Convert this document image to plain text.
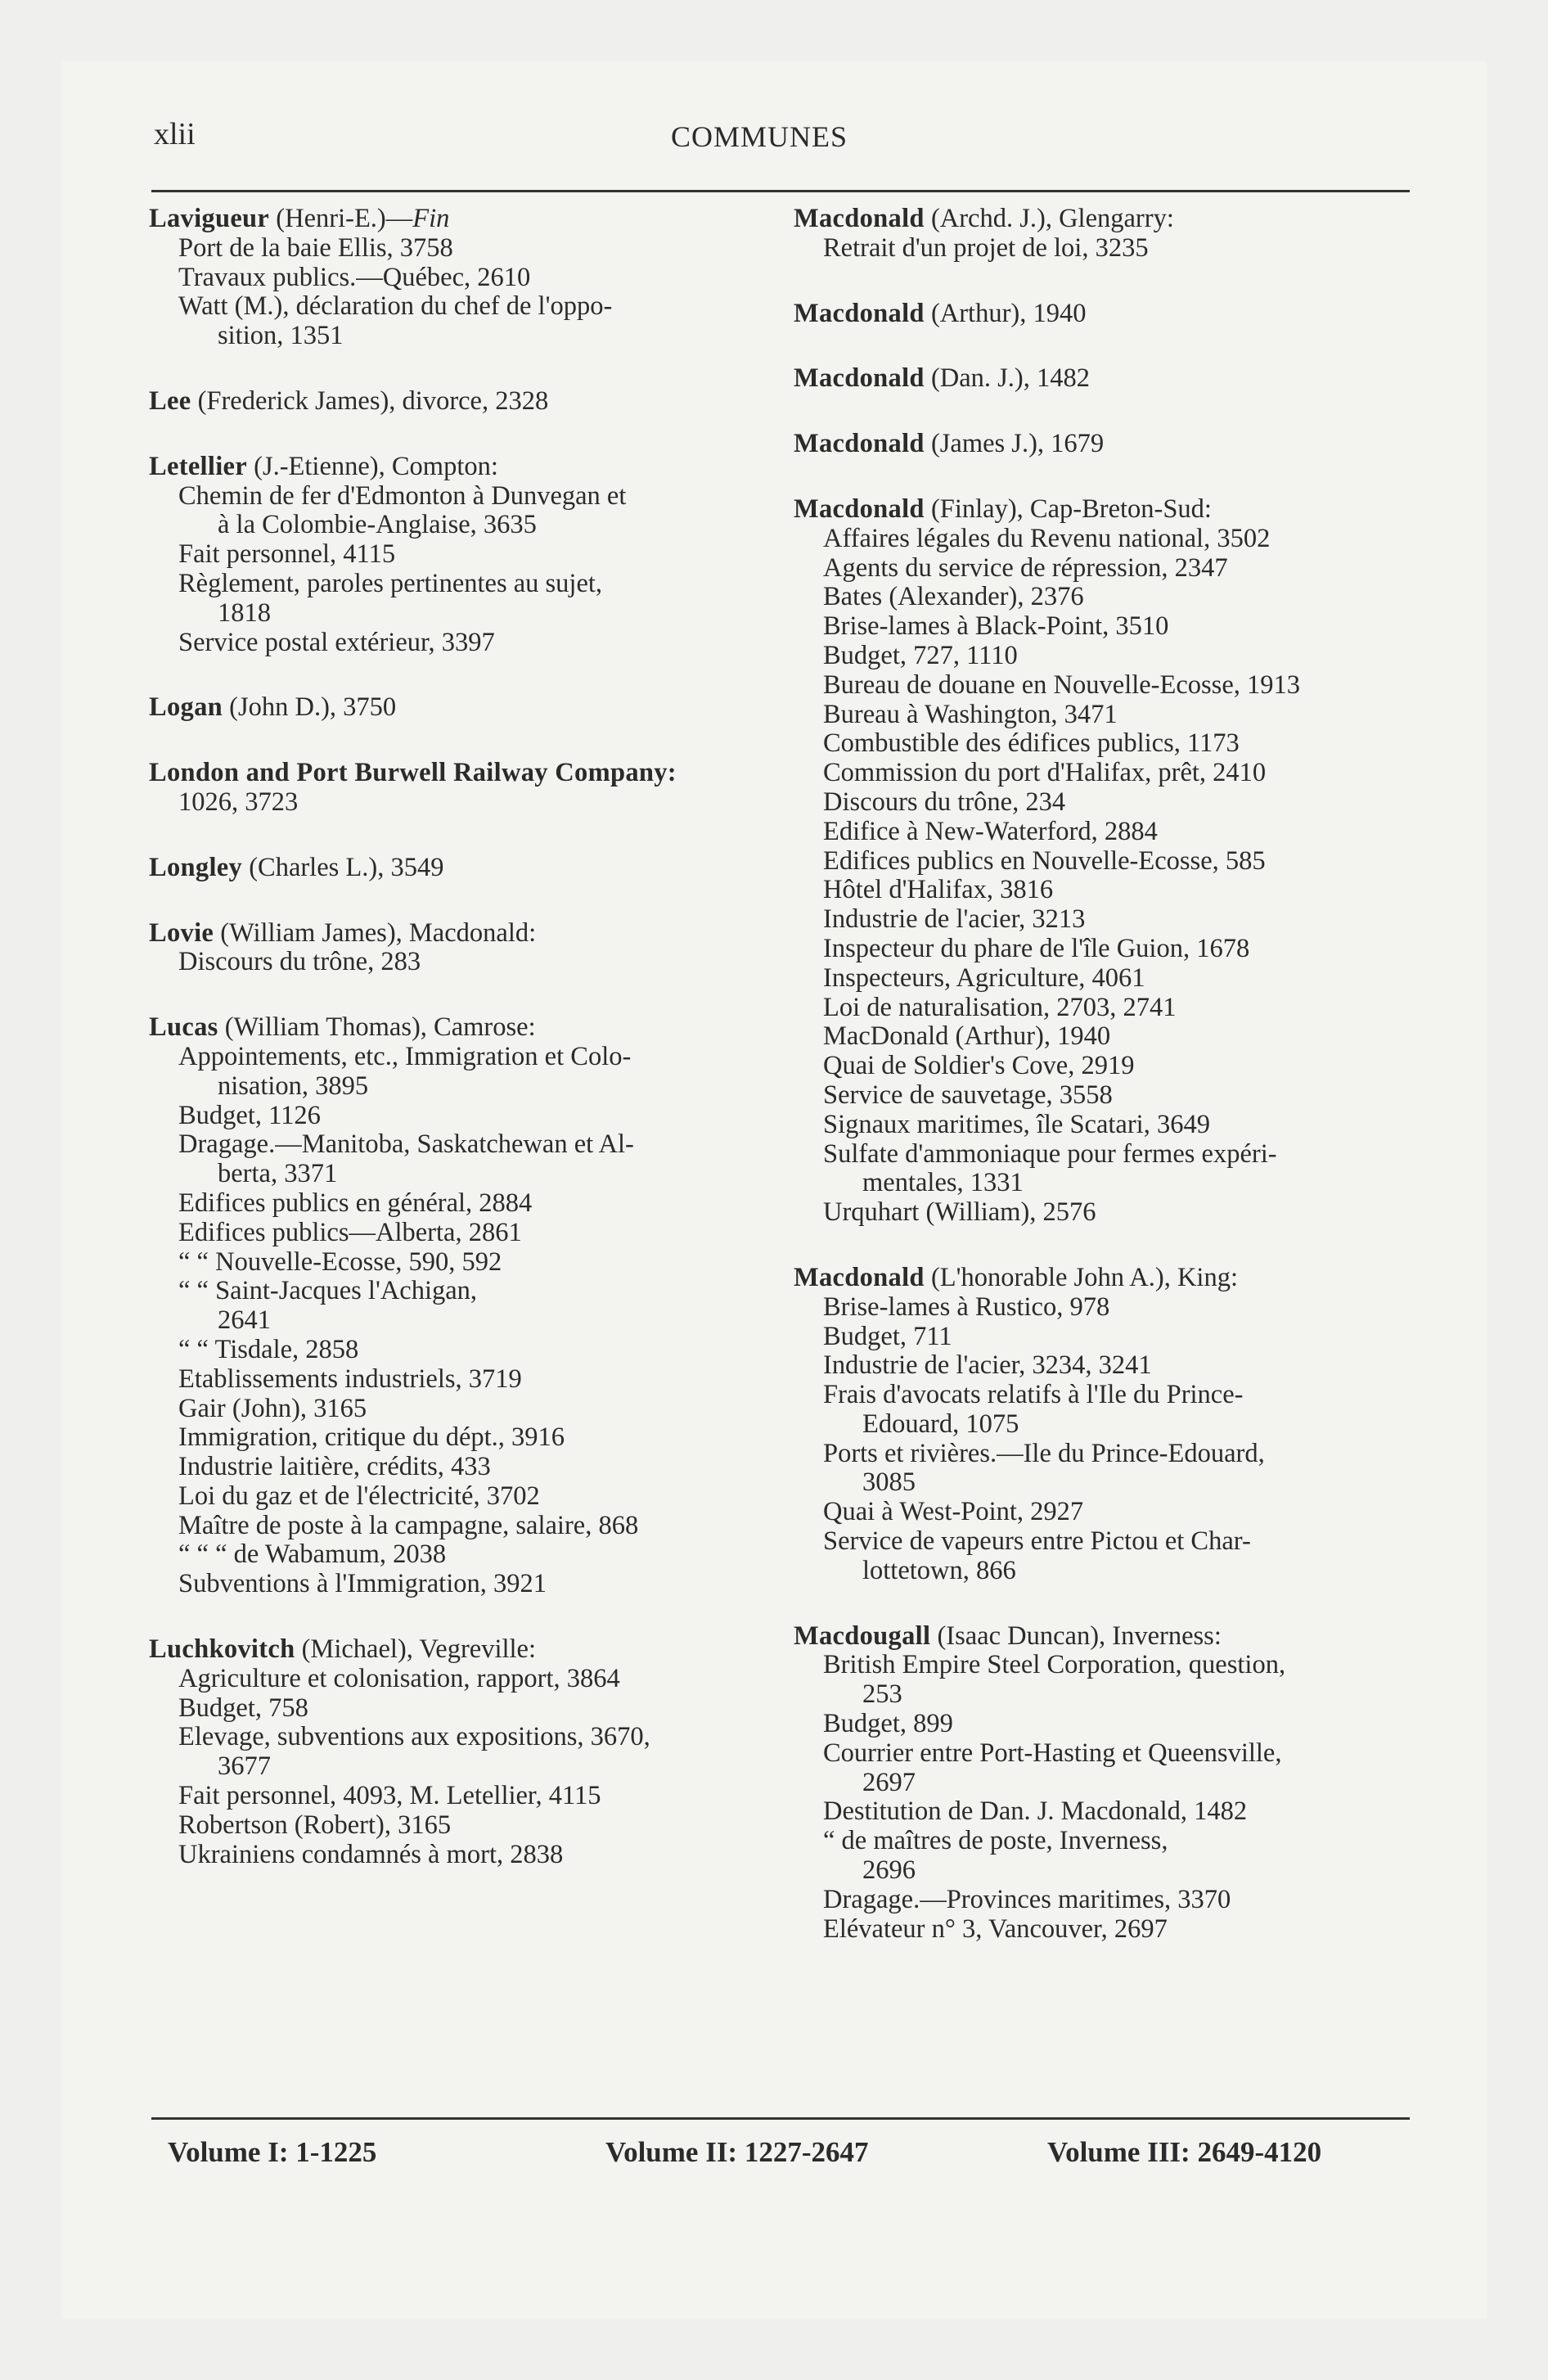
xlii	COMMUNES
Lavigueur (Henri-E.)—Fin
Port de la baie Ellis, 3758
Travaux publics.—Québec, 2610
Watt (M.), déclaration du chef de l'oppo-
sition, 1351
Lee (Frederick James), divorce, 2328
Letellier (J.-Etienne), Compton:
Chemin de fer d'Edmonton à Dunvegan et
à la Colombie-Anglaise, 3635
Fait personnel, 4115
Règlement, paroles pertinentes au sujet,
1818
Service postal extérieur, 3397
Logan (John D.), 3750
London and Port Burwell Railway Company:
1026, 3723
Longley (Charles L.), 3549
Lovie (William James), Macdonald:
Discours du trône, 283
Lucas (William Thomas), Camrose:
Appointements, etc., Immigration et Colo-
nisation, 3895
Budget, 1126
Dragage.—Manitoba, Saskatchewan et Al-
berta, 3371
Edifices publics en général, 2884
Edifices publics—Alberta, 2861
“ “ Nouvelle-Ecosse, 590, 592
“ “ Saint-Jacques l'Achigan,
2641
“ “ Tisdale, 2858
Etablissements industriels, 3719
Gair (John), 3165
Immigration, critique du dépt., 3916
Industrie laitière, crédits, 433
Loi du gaz et de l'électricité, 3702
Maître de poste à la campagne, salaire, 868
“ “ “ de Wabamum, 2038
Subventions à l'Immigration, 3921
Luchkovitch (Michael), Vegreville:
Agriculture et colonisation, rapport, 3864
Budget, 758
Elevage, subventions aux expositions, 3670,
3677
Fait personnel, 4093, M. Letellier, 4115
Robertson (Robert), 3165
Ukrainiens condamnés à mort, 2838
Macdonald (Archd. J.), Glengarry:
Retrait d'un projet de loi, 3235
Macdonald (Arthur), 1940
Macdonald (Dan. J.), 1482
Macdonald (James J.), 1679
Macdonald (Finlay), Cap-Breton-Sud:
Affaires légales du Revenu national, 3502
Agents du service de répression, 2347
Bates (Alexander), 2376
Brise-lames à Black-Point, 3510
Budget, 727, 1110
Bureau de douane en Nouvelle-Ecosse, 1913
Bureau à Washington, 3471
Combustible des édifices publics, 1173
Commission du port d'Halifax, prêt, 2410
Discours du trône, 234
Edifice à New-Waterford, 2884
Edifices publics en Nouvelle-Ecosse, 585
Hôtel d'Halifax, 3816
Industrie de l'acier, 3213
Inspecteur du phare de l'île Guion, 1678
Inspecteurs, Agriculture, 4061
Loi de naturalisation, 2703, 2741
MacDonald (Arthur), 1940
Quai de Soldier's Cove, 2919
Service de sauvetage, 3558
Signaux maritimes, île Scatari, 3649
Sulfate d'ammoniaque pour fermes expéri-
mentales, 1331
Urquhart (William), 2576
Macdonald (L'honorable John A.), King:
Brise-lames à Rustico, 978
Budget, 711
Industrie de l'acier, 3234, 3241
Frais d'avocats relatifs à l'Ile du Prince-
Edouard, 1075
Ports et rivières.—Ile du Prince-Edouard,
3085
Quai à West-Point, 2927
Service de vapeurs entre Pictou et Char-
lottetown, 866
Macdougall (Isaac Duncan), Inverness:
British Empire Steel Corporation, question,
253
Budget, 899
Courrier entre Port-Hasting et Queensville,
2697
Destitution de Dan. J. Macdonald, 1482
“ de maîtres de poste, Inverness,
2696
Dragage.—Provinces maritimes, 3370
Elévateur n° 3, Vancouver, 2697
Volume I: 1-1225	Volume II: 1227-2647	Volume III: 2649-4120
